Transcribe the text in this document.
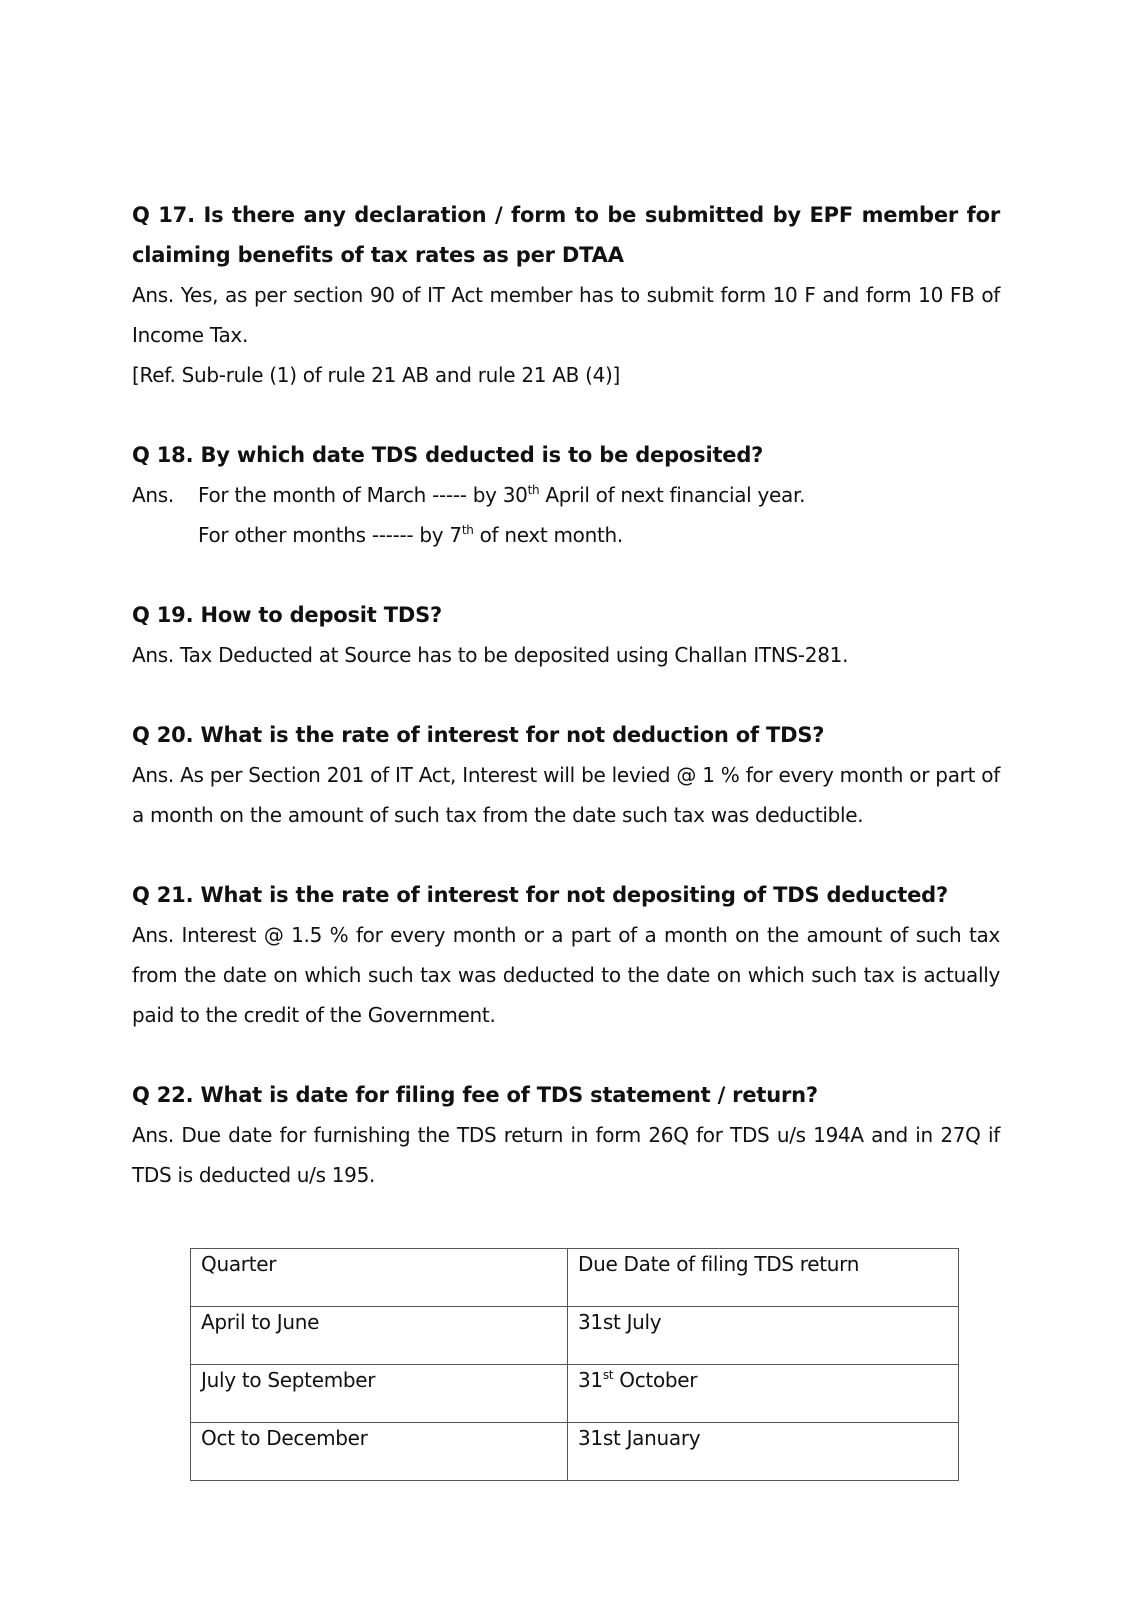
Q 17. Is there any declaration / form to be submitted by EPF member for claiming benefits of tax rates as per DTAA

Ans. Yes, as per section 90 of IT Act member has to submit form 10 F and form 10 FB of Income Tax.

[Ref. Sub-rule (1) of rule 21 AB and rule 21 AB (4)]

Q 18. By which date TDS deducted is to be deposited?

Ans.	For the month of March ----- by 30th April of next financial year.
For other months ------ by 7th of next month.

Q 19. How to deposit TDS?

Ans. Tax Deducted at Source has to be deposited using Challan ITNS-281.

Q 20. What is the rate of interest for not deduction of TDS?

Ans. As per Section 201 of IT Act, Interest will be levied @ 1 % for every month or part of a month on the amount of such tax from the date such tax was deductible.

Q 21. What is the rate of interest for not depositing of TDS deducted?

Ans. Interest @ 1.5 % for every month or a part of a month on the amount of such tax from the date on which such tax was deducted to the date on which such tax is actually paid to the credit of the Government.

Q 22. What is date for filing fee of TDS statement / return?

Ans. Due date for furnishing the TDS return in form 26Q for TDS u/s 194A and in 27Q if TDS is deducted u/s 195.

Quarter	Due Date of filing TDS return
April to June	31st July
July to September	31st October
Oct to December	31st January
